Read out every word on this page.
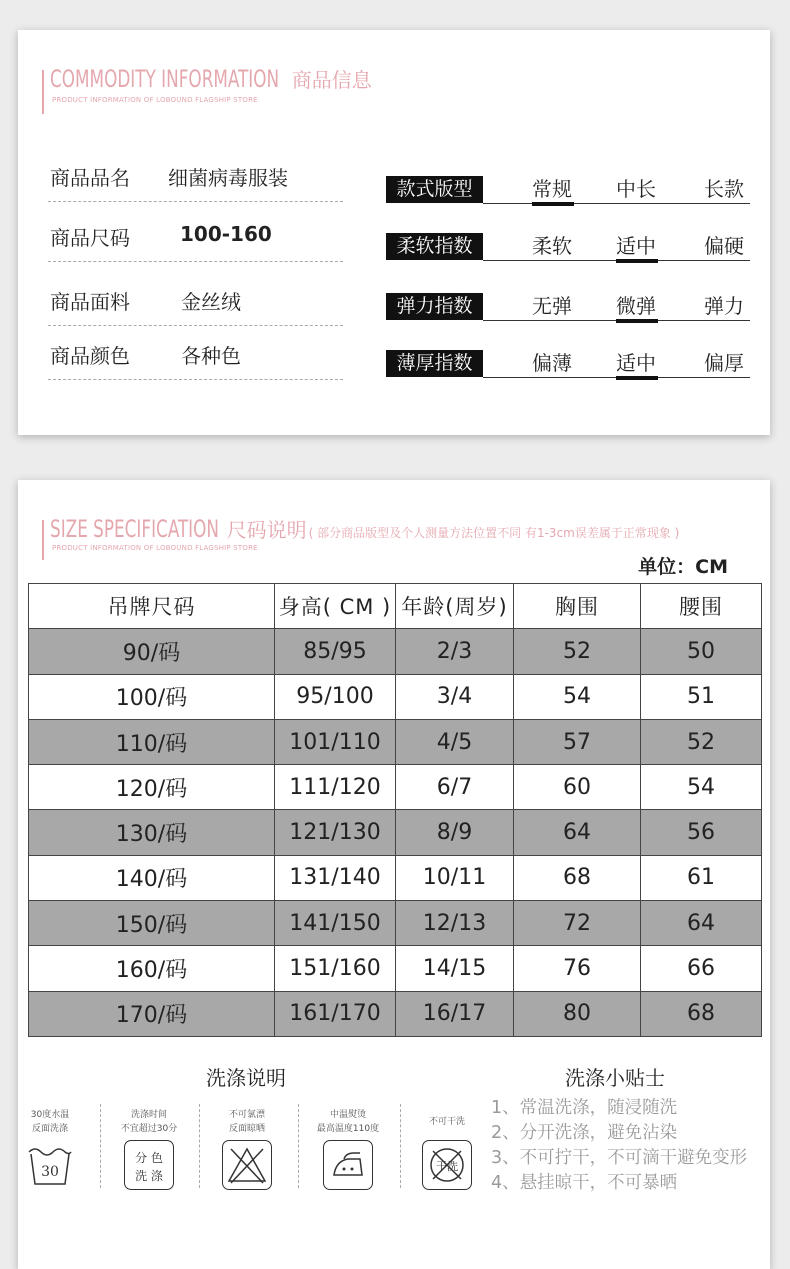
COMMODITY INFORMATION 商品信息
PRODUCT INFORMATION OF LOBOUND FLAGSHIP STORE
商品品名 细菌病毒服装
商品尺码	100-160
商品面料	金丝绒
商品颜色	各种色
款式版型	常规 中长 长款
柔软指数	柔软 适中 偏硬
弹力指数	无弹 微弹 弹力
薄厚指数	偏薄 适中 偏厚
SIZE SPECIFICATION 尺码说明 ( 部分商品版型及个人测量方法位置不同 有1-3cm误差属于正常现象 )
PRODUCT INFORMATION OF LOBOUND FLAGSHIP STORE
单位：CM
吊牌尺码	身高( CM )	年龄(周岁)	胸围	腰围
90/码	85/95	2/3	52	50
100/码	95/100	3/4	54	51
110/码	101/110	4/5	57	52
120/码	111/120	6/7	60	54
130/码	121/130	8/9	64	56
140/码	131/140	10/11	68	61
150/码	141/150	12/13	72	64
160/码	151/160	14/15	76	66
170/码	161/170	16/17	80	68
洗涤说明	洗涤小贴士
30度水温
反面洗涤
30
洗涤时间
不宜超过30分
分 色
洗 涤
不可氯漂
反面晾晒
中温熨烫
最高温度110度
不可干洗
干洗
1、常温洗涤，随浸随洗
2、分开洗涤，避免沾染
3、不可拧干，不可滴干避免变形
4、悬挂晾干，不可暴晒
